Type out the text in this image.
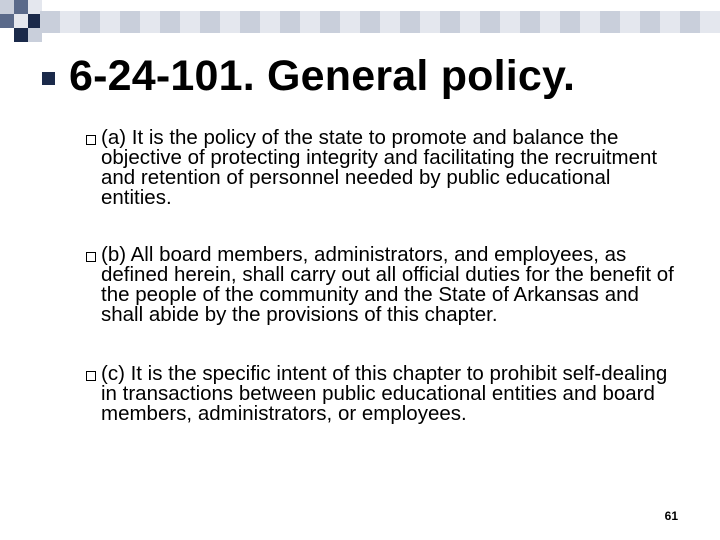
6-24-101. General policy.
(a) It is the policy of the state to promote and balance the objective of protecting integrity and facilitating the recruitment and retention of personnel needed by public educational entities.
(b) All board members, administrators, and employees, as defined herein, shall carry out all official duties for the benefit of the people of the community and the State of Arkansas and shall abide by the provisions of this chapter.
(c) It is the specific intent of this chapter to prohibit self-dealing in transactions between public educational entities and board members, administrators, or employees.
61
